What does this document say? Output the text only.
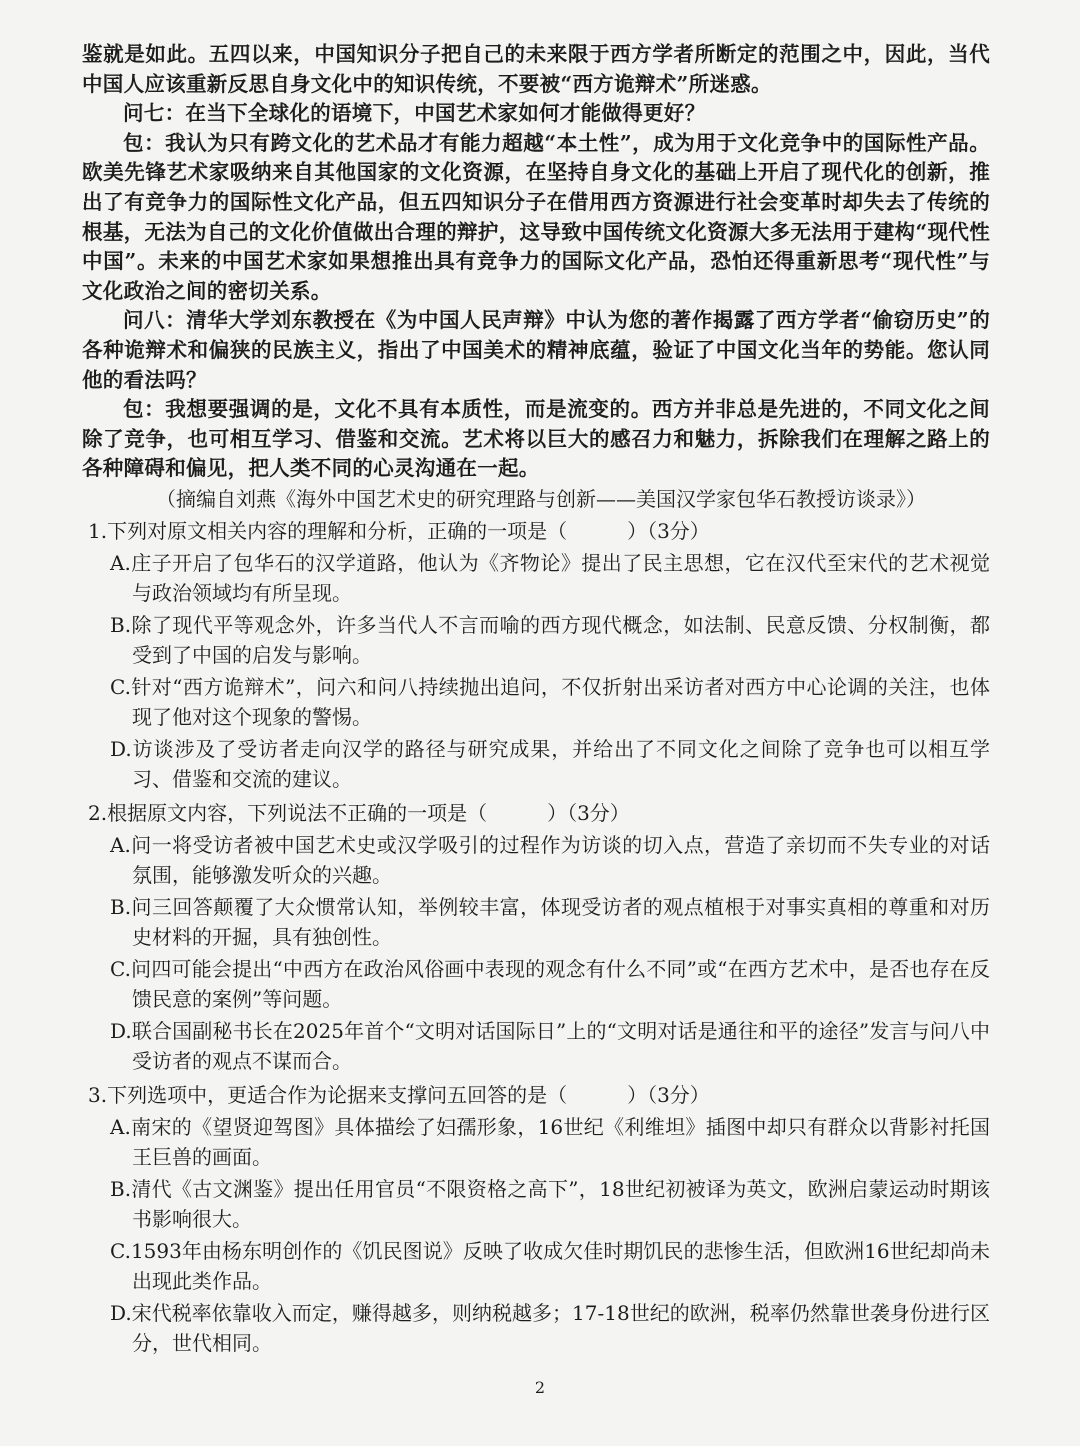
鉴就是如此。五四以来，中国知识分子把自己的未来限于西方学者所断定的范围之中，因此，当代中国人应该重新反思自身文化中的知识传统，不要被“西方诡辩术”所迷惑。

问七：在当下全球化的语境下，中国艺术家如何才能做得更好？

包：我认为只有跨文化的艺术品才有能力超越“本土性”，成为用于文化竞争中的国际性产品。欧美先锋艺术家吸纳来自其他国家的文化资源，在坚持自身文化的基础上开启了现代化的创新，推出了有竞争力的国际性文化产品，但五四知识分子在借用西方资源进行社会变革时却失去了传统的根基，无法为自己的文化价值做出合理的辩护，这导致中国传统文化资源大多无法用于建构“现代性中国”。未来的中国艺术家如果想推出具有竞争力的国际文化产品，恐怕还得重新思考“现代性”与文化政治之间的密切关系。

问八：清华大学刘东教授在《为中国人民声辩》中认为您的著作揭露了西方学者“偷窃历史”的各种诡辩术和偏狭的民族主义，指出了中国美术的精神底蕴，验证了中国文化当年的势能。您认同他的看法吗？

包：我想要强调的是，文化不具有本质性，而是流变的。西方并非总是先进的，不同文化之间除了竞争，也可相互学习、借鉴和交流。艺术将以巨大的感召力和魅力，拆除我们在理解之路上的各种障碍和偏见，把人类不同的心灵沟通在一起。

（摘编自刘燕《海外中国艺术史的研究理路与创新——美国汉学家包华石教授访谈录》）

1.下列对原文相关内容的理解和分析，正确的一项是（　　　）（3分）

A.庄子开启了包华石的汉学道路，他认为《齐物论》提出了民主思想，它在汉代至宋代的艺术视觉与政治领域均有所呈现。

B.除了现代平等观念外，许多当代人不言而喻的西方现代概念，如法制、民意反馈、分权制衡，都受到了中国的启发与影响。

C.针对“西方诡辩术”，问六和问八持续抛出追问，不仅折射出采访者对西方中心论调的关注，也体现了他对这个现象的警惕。

D.访谈涉及了受访者走向汉学的路径与研究成果，并给出了不同文化之间除了竞争也可以相互学习、借鉴和交流的建议。

2.根据原文内容，下列说法不正确的一项是（　　　）（3分）

A.问一将受访者被中国艺术史或汉学吸引的过程作为访谈的切入点，营造了亲切而不失专业的对话氛围，能够激发听众的兴趣。

B.问三回答颠覆了大众惯常认知，举例较丰富，体现受访者的观点植根于对事实真相的尊重和对历史材料的开掘，具有独创性。

C.问四可能会提出“中西方在政治风俗画中表现的观念有什么不同”或“在西方艺术中，是否也存在反馈民意的案例”等问题。

D.联合国副秘书长在2025年首个“文明对话国际日”上的“文明对话是通往和平的途径”发言与问八中受访者的观点不谋而合。

3.下列选项中，更适合作为论据来支撑问五回答的是（　　　）（3分）

A.南宋的《望贤迎驾图》具体描绘了妇孺形象，16世纪《利维坦》插图中却只有群众以背影衬托国王巨兽的画面。

B.清代《古文渊鉴》提出任用官员“不限资格之高下”，18世纪初被译为英文，欧洲启蒙运动时期该书影响很大。

C.1593年由杨东明创作的《饥民图说》反映了收成欠佳时期饥民的悲惨生活，但欧洲16世纪却尚未出现此类作品。

D.宋代税率依靠收入而定，赚得越多，则纳税越多；17-18世纪的欧洲，税率仍然靠世袭身份进行区分，世代相同。

2
